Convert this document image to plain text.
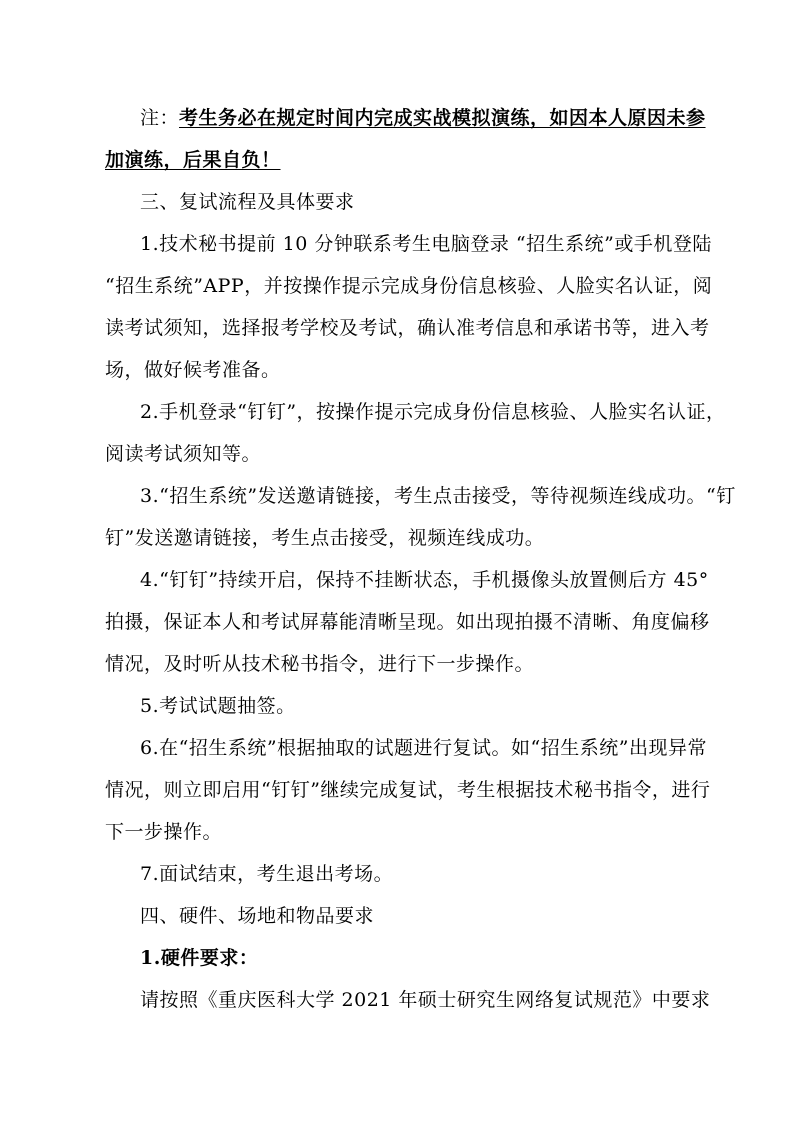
注：考生务必在规定时间内完成实战模拟演练，如因本人原因未参
加演练，后果自负！
三、复试流程及具体要求
1.技术秘书提前 10 分钟联系考生电脑登录 “招生系统”或手机登陆
“招生系统”APP，并按操作提示完成身份信息核验、人脸实名认证，阅
读考试须知，选择报考学校及考试，确认准考信息和承诺书等，进入考
场，做好候考准备。
2.手机登录“钉钉”，按操作提示完成身份信息核验、人脸实名认证，
阅读考试须知等。
3.“招生系统”发送邀请链接，考生点击接受，等待视频连线成功。“钉
钉”发送邀请链接，考生点击接受，视频连线成功。
4.“钉钉”持续开启，保持不挂断状态，手机摄像头放置侧后方 45°
拍摄，保证本人和考试屏幕能清晰呈现。如出现拍摄不清晰、角度偏移
情况，及时听从技术秘书指令，进行下一步操作。
5.考试试题抽签。
6.在“招生系统”根据抽取的试题进行复试。如“招生系统”出现异常
情况，则立即启用“钉钉”继续完成复试，考生根据技术秘书指令，进行
下一步操作。
7.面试结束，考生退出考场。
四、硬件、场地和物品要求
1.硬件要求：
请按照《重庆医科大学 2021 年硕士研究生网络复试规范》中要求
